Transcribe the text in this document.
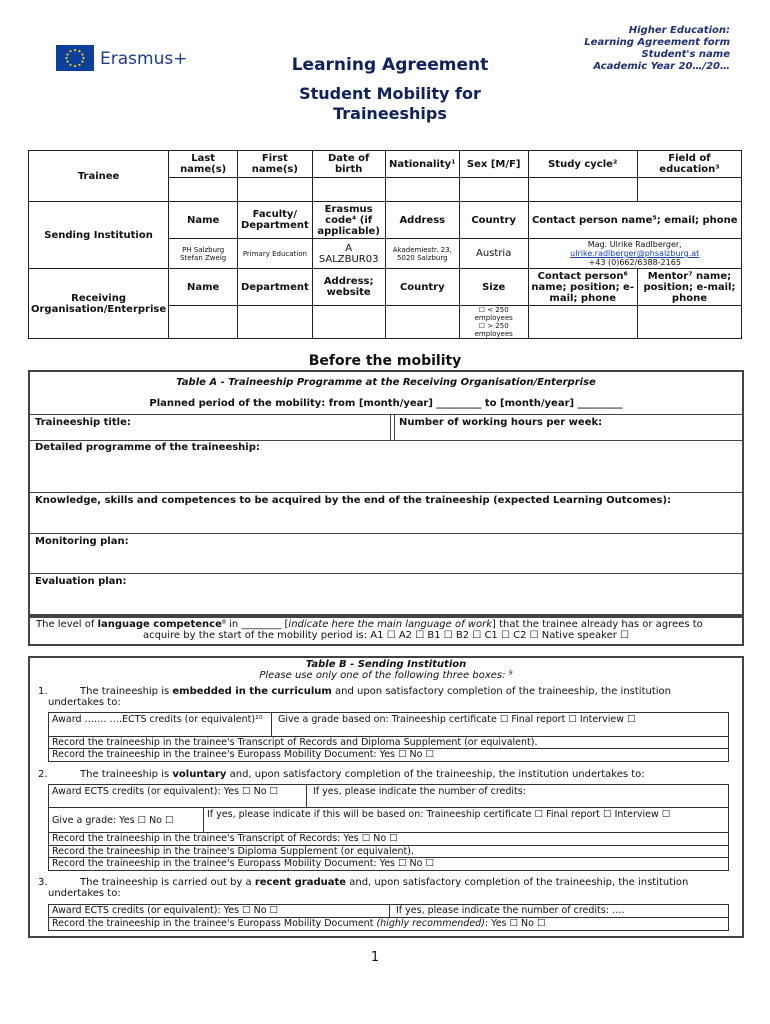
Erasmus+
Higher Education:
Learning Agreement form
Student's name
Academic Year 20…/20…
Learning Agreement
Student Mobility for Traineeships
Trainee	Last name(s)	First name(s)	Date of birth	Nationality¹	Sex [M/F]	Study cycle²	Field of education³

Sending Institution	Name	Faculty/ Department	Erasmus code⁴ (if applicable)	Address	Country	Contact person name⁵; email; phone	
	PH Salzburg Stefan Zweig	Primary Education	A SALZBUR03	Akademiestr. 23, 5020 Salzburg	Austria	Mag. Ulrike Radlberger,
ulrike.radlberger@phsalzburg.at
+43 (0)662/6388-2165	

Receiving Organisation/Enterprise	Name	Department	Address; website	Country	Size	Contact person⁶ name; position; e-mail; phone	Mentor⁷ name; position; e-mail; phone

					☐ < 250 employees
☐ > 250 employees		

Before the mobility
Table A - Traineeship Programme at the Receiving Organisation/Enterprise
Planned period of the mobility: from [month/year] _________ to [month/year] _________
Traineeship title:	Number of working hours per week:
Detailed programme of the traineeship:
Knowledge, skills and competences to be acquired by the end of the traineeship (expected Learning Outcomes):
Monitoring plan:
Evaluation plan:
The level of language competence⁸ in ________ [indicate here the main language of work] that the trainee already has or agrees to
acquire by the start of the mobility period is: A1 ☐ A2 ☐ B1 ☐ B2 ☐ C1 ☐ C2 ☐ Native speaker ☐
Table B - Sending Institution
Please use only one of the following three boxes: ⁹
1.	The traineeship is embedded in the curriculum and upon satisfactory completion of the traineeship, the institution
undertakes to:
Award ……. ….ECTS credits (or equivalent)¹⁰	Give a grade based on: Traineeship certificate ☐ Final report ☐ Interview ☐
Record the traineeship in the trainee's Transcript of Records and Diploma Supplement (or equivalent).
Record the traineeship in the trainee's Europass Mobility Document: Yes ☐ No ☐
2.	The traineeship is voluntary and, upon satisfactory completion of the traineeship, the institution undertakes to:
Award ECTS credits (or equivalent): Yes ☐ No ☐	If yes, please indicate the number of credits:
Give a grade: Yes ☐ No ☐
If yes, please indicate if this will be based on: Traineeship certificate ☐ Final report ☐ Interview ☐
Record the traineeship in the trainee's Transcript of Records: Yes ☐ No ☐
Record the traineeship in the trainee's Diploma Supplement (or equivalent).
Record the traineeship in the trainee's Europass Mobility Document: Yes ☐ No ☐
3.	The traineeship is carried out by a recent graduate and, upon satisfactory completion of the traineeship, the institution
undertakes to:
Award ECTS credits (or equivalent): Yes ☐ No ☐	If yes, please indicate the number of credits: ….
Record the traineeship in the trainee's Europass Mobility Document (highly recommended): Yes ☐ No ☐
1
